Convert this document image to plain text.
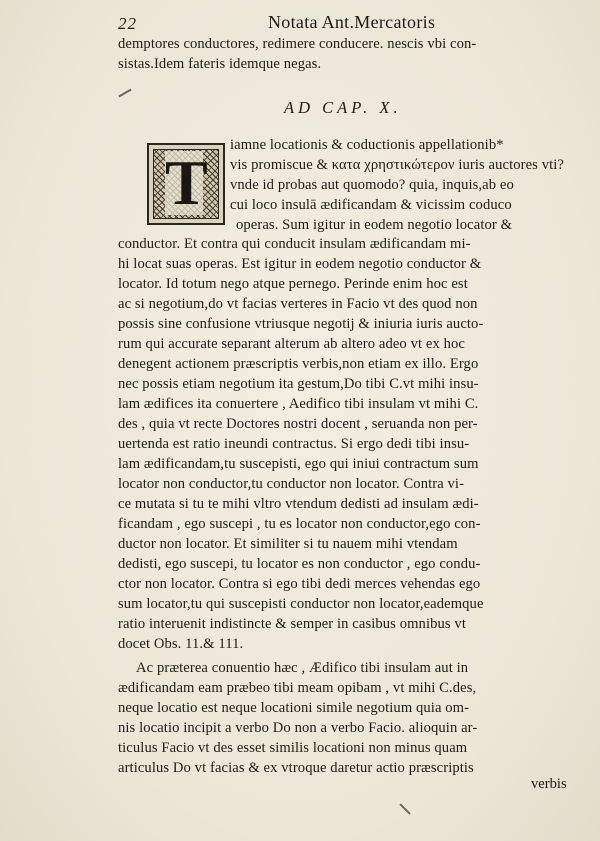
22	Notata Ant.Mercatoris
demptores conductores, redimere conducere. nescis vbi con-
sistas.Idem fateris idemque negas.
AD CAP. X.
T
iamne locationis & coductionis appellationib*
vis promiscue & κατα χρηστικώτερον iuris auctores vti?
vnde id probas aut quomodo? quia, inquis,ab eo
cui loco insulā ædificandam & vicissim coduco
operas. Sum igitur in eodem negotio locator &
conductor. Et contra qui conducit insulam ædificandam mi-
hi locat suas operas. Est igitur in eodem negotio conductor &
locator. Id totum nego atque pernego. Perinde enim hoc est
ac si negotium,do vt facias verteres in Facio vt des quod non
possis sine confusione vtriusque negotij & iniuria iuris aucto-
rum qui accurate separant alterum ab altero adeo vt ex hoc
denegent actionem præscriptis verbis,non etiam ex illo. Ergo
nec possis etiam negotium ita gestum,Do tibi C.vt mihi insu-
lam ædifices ita conuertere , Aedifico tibi insulam vt mihi C.
des , quia vt recte Doctores nostri docent , seruanda non per-
uertenda est ratio ineundi contractus. Si ergo dedi tibi insu-
lam ædificandam,tu suscepisti, ego qui iniui contractum sum
locator non conductor,tu conductor non locator. Contra vi-
ce mutata si tu te mihi vltro vtendum dedisti ad insulam ædi-
ficandam , ego suscepi , tu es locator non conductor,ego con-
ductor non locator. Et similiter si tu nauem mihi vtendam
dedisti, ego suscepi, tu locator es non conductor , ego condu-
ctor non locator. Contra si ego tibi dedi merces vehendas ego
sum locator,tu qui suscepisti conductor non locator,eademque
ratio interuenit indistincte & semper in casibus omnibus vt
docet Obs. 11.& 111.
Ac præterea conuentio hæc , Ædifico tibi insulam aut in
ædificandam eam præbeo tibi meam opibam , vt mihi C.des,
neque locatio est neque locationi simile negotium quia om-
nis locatio incipit a verbo Do non a verbo Facio. alioquin ar-
ticulus Facio vt des esset similis locationi non minus quam
articulus Do vt facias & ex vtroque daretur actio præscriptis
verbis
